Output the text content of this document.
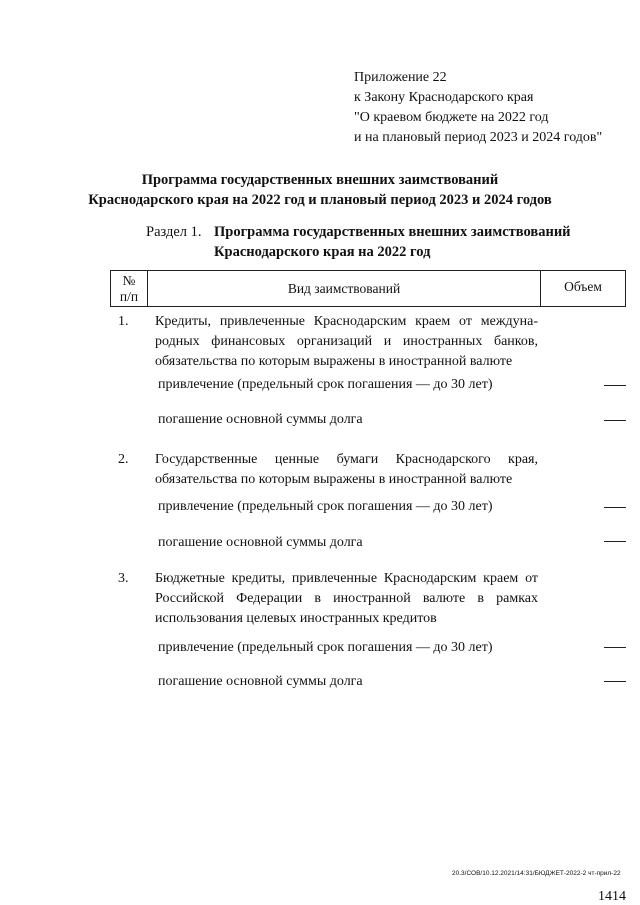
Приложение 22
к Закону Краснодарского края
"О краевом бюджете на 2022 год
и на плановый период 2023 и 2024 годов"
Программа государственных внешних заимствований
Краснодарского края на 2022 год и плановый период 2023 и 2024 годов
Раздел 1. Программа государственных внешних заимствований
Краснодарского края на 2022 год
№
п/п
Вид заимствований	Объем
1. Кредиты, привлеченные Краснодарским краем от междуна-родных финансовых организаций и иностранных банков, обязательства по которым выражены в иностранной валюте
привлечение (предельный срок погашения — до 30 лет)
погашение основной суммы долга
2. Государственные ценные бумаги Краснодарского края, обязательства по которым выражены в иностранной валюте
привлечение (предельный срок погашения — до 30 лет)
погашение основной суммы долга
3. Бюджетные кредиты, привлеченные Краснодарским краем от Российской Федерации в иностранной валюте в рамках использования целевых иностранных кредитов
привлечение (предельный срок погашения — до 30 лет)
погашение основной суммы долга
20.3/СОВ/10.12.2021/14:31/БЮДЖЕТ-2022-2 чт-прил-22
1414
